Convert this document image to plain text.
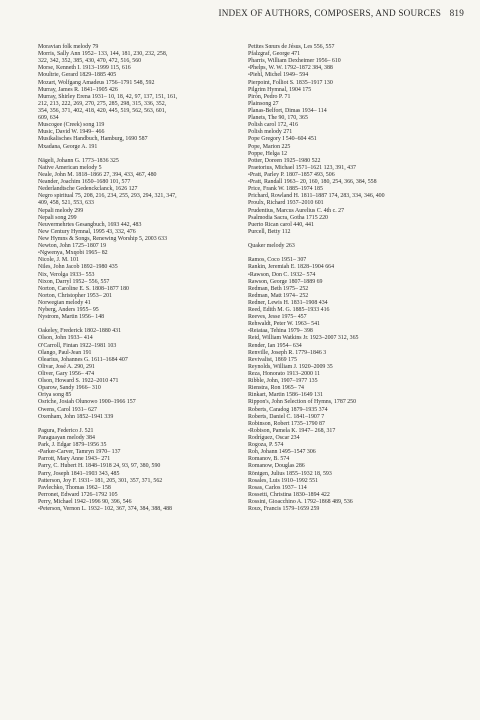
INDEX OF AUTHORS, COMPOSERS, AND SOURCES 819
Moravian folk melody 79
Morris, Sally Ann 1952– 133, 144, 181, 230, 232, 258,
322, 342, 352, 385, 430, 470, 472, 516, 560
Morse, Kenneth I. 1913–1999 115, 616
Moultrie, Gerard 1829–1885 405
Mozart, Wolfgang Amadeus 1756–1791 548, 592
Murray, James R. 1841–1905 426
Murray, Shirley Erena 1931– 10, 18, 42, 97, 137, 151, 161,
212, 213, 222, 269, 270, 275, 285, 298, 315, 336, 352,
354, 356, 371, 402, 418, 420, 445, 519, 562, 563, 601,
609, 634
Muscogee (Creek) song 119
Music, David W. 1949– 466
Musikalisches Handbuch, Hamburg, 1690 587
Mxadana, George A. 191
Nägeli, Johann G. 1773–1836 325
Native American melody 5
Neale, John M. 1818–1866 27, 394, 433, 467, 480
Neander, Joachim 1650–1680 101, 577
Nederlandtsche Gedenckclanck, 1626 127
Negro spiritual 75, 208, 216, 234, 255, 293, 294, 321, 347,
409, 458, 521, 553, 633
Nepali melody 299
Nepali song 299
Neuvermehrtes Gesangbuch, 1693 442, 483
New Century Hymnal, 1995 43, 332, 476
New Hymns & Songs, Renewing Worship 5, 2003 633
Newton, John 1725–1807 19
•Ngwenya, Mxqobi 1965– 82
Nicole, J. M. 101
Niles, John Jacob 1892–1980 435
Nix, Verolga 1933– 553
Nixon, Darryl 1952– 556, 557
Norton, Caroline E. S. 1808–1877 180
Norton, Christopher 1953– 201
Norwegian melody 41
Nyberg, Anders 1955– 95
Nystrom, Martin 1956– 148
Oakeley, Frederick 1802–1880 431
Olson, John 1933– 414
O'Carroll, Fintan 1922–1981 103
Olango, Paul-Jean 191
Olearius, Johannes G. 1611–1684 407
Olivar, José A. 290, 291
Oliver, Gary 1956– 474
Olson, Howard S. 1922–2010 471
Oparow, Sandy 1966– 310
Oriya song 85
Osriche, Josiah Olunowo 1900–1966 157
Owens, Carol 1931– 627
Oxenham, John 1852–1941 339
Pagura, Federico J. 521
Paraguayan melody 384
Park, J. Edgar 1879–1956 35
•Parker-Carver, Tamryn 1970– 137
Parrott, Mary Anne 1943– 271
Parry, C. Hubert H. 1848–1918 24, 93, 97, 380, 590
Parry, Joseph 1841–1903 343, 485
Patterson, Joy F. 1931– 181, 205, 301, 357, 371, 562
Pavlechko, Thomas 1962– 158
Perronet, Edward 1726–1792 105
Perry, Michael 1942–1996 90, 396, 546
•Peterson, Vernon L. 1932– 102, 367, 374, 384, 388, 488
Petites Sœurs de Jésus, Les 556, 557
Pfalzgraf, George 471
Pharris, William Dexheimer 1956– 610
•Phelps, W. W. 1792–1872 384, 388
•Piehl, Michel 1949– 594
Pierpoint, Folliot S. 1835–1917 130
Pilgrim Hymnal, 1904 175
Pirón, Pedro P. 71
Plainsong 27
Planas-Belfort, Dimas 1934– 114
Planets, The 90, 170, 365
Polish carol 172, 416
Polish melody 271
Pope Gregory I 540–604 451
Pope, Marion 225
Poppe, Helga 12
Potter, Doreen 1925–1980 522
Praetorius, Michael 1571–1621 123, 391, 437
•Pratt, Parley P. 1807–1857 493, 506
•Pratt, Randall 1963– 20, 160, 180, 254, 366, 384, 558
Price, Frank W. 1885–1974 185
Prichard, Rowland H. 1811–1887 174, 283, 334, 346, 400
Proulx, Richard 1937–2010 601
Prudentius, Marcus Aurelius C. 4th c. 27
Psalmodia Sacra, Gotha 1715 220
Puerto Rican carol 440, 441
Purcell, Betty 112
Quaker melody 263
Ramos, Coco 1951– 307
Rankin, Jeremiah E. 1828–1904 664
•Rawson, Don C. 1932– 574
Rawson, George 1807–1889 69
Redman, Beth 1975– 252
Redman, Matt 1974– 252
Redner, Lewis H. 1831–1908 434
Reed, Edith M. G. 1885–1933 416
Reeves, Jesse 1975– 457
Rehwaldt, Peter W. 1963– 541
•Reiataa, Tehina 1979– 398
Reid, William Watkins Jr. 1923–2007 312, 365
Render, Ian 1954– 634
Renville, Joseph R. 1779–1846 3
Revivalist, 1869 175
Reynolds, William J. 1920–2009 35
Reza, Honorato 1913–2000 11
Ribble, John, 1907–1977 135
Rienstra, Ron 1965– 74
Rinkart, Martin 1586–1649 131
Rippon's, John Selection of Hymns, 1787 250
Roberts, Caradog 1879–1935 374
Roberts, Daniel C. 1841–1907 7
Robinson, Robert 1735–1790 87
•Robison, Pamela K. 1947– 268, 317
Rodríguez, Oscar 234
Rogoza, P. 574
Roh, Johann 1495–1547 306
Romanov, B. 574
Romanow, Douglas 286
Röntgen, Julius 1855–1932 18, 593
Rosales, Luis 1910–1992 551
Rosas, Carlos 1937– 114
Rossetti, Christina 1830–1894 422
Rossini, Gioacchino A. 1792–1868 489, 536
Roux, Francis 1579–1659 259
